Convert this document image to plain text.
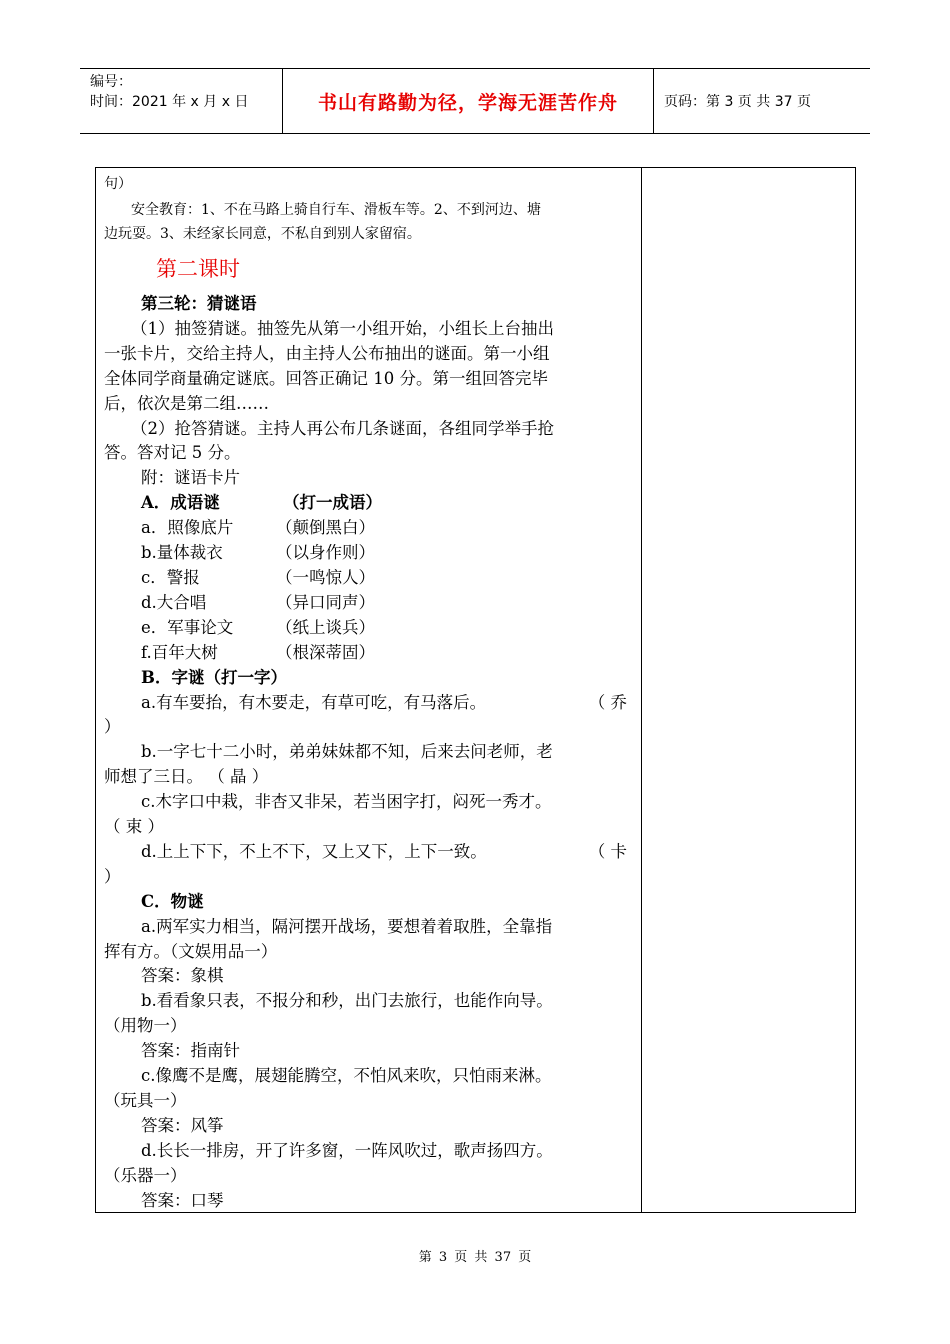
编号：
时间：2021 年 x 月 x 日	书山有路勤为径，学海无涯苦作舟	页码：第 3 页 共 37 页
句）
安全教育：1、不在马路上骑自行车、滑板车等。2、不到河边、塘
边玩耍。3、未经家长同意，不私自到别人家留宿。
第二课时
第三轮：猜谜语
（1）抽签猜谜。抽签先从第一小组开始，小组长上台抽出
一张卡片，交给主持人，由主持人公布抽出的谜面。第一小组
全体同学商量确定谜底。回答正确记 10 分。第一组回答完毕
后，依次是第二组……
（2）抢答猜谜。主持人再公布几条谜面，各组同学举手抢
答。答对记 5 分。
附：谜语卡片
A．成语谜	（打一成语）
a．照像底片	（颠倒黑白）
b.量体裁衣	（以身作则）
c．警报	（一鸣惊人）
d.大合唱	（异口同声）
e．军事论文	（纸上谈兵）
f.百年大树	（根深蒂固）
B．字谜（打一字）
a.有车要抬，有木要走，有草可吃，有马落后。	（ 乔
）
b.一字七十二小时，弟弟妹妹都不知，后来去问老师，老
师想了三日。 （ 晶 ）
c.木字口中栽，非杏又非呆，若当困字打，闷死一秀才。
（ 束 ）
d.上上下下，不上不下，又上又下，上下一致。	（ 卡
）
C．物谜
a.两军实力相当，隔河摆开战场，要想着着取胜，全靠指
挥有方。（文娱用品一）
答案：象棋
b.看看象只表，不报分和秒，出门去旅行，也能作向导。
（用物一）
答案：指南针
c.像鹰不是鹰，展翅能腾空，不怕风来吹，只怕雨来淋。
（玩具一）
答案：风筝
d.长长一排房，开了许多窗，一阵风吹过，歌声扬四方。
（乐器一）
答案：口琴
第 3 页 共 37 页
